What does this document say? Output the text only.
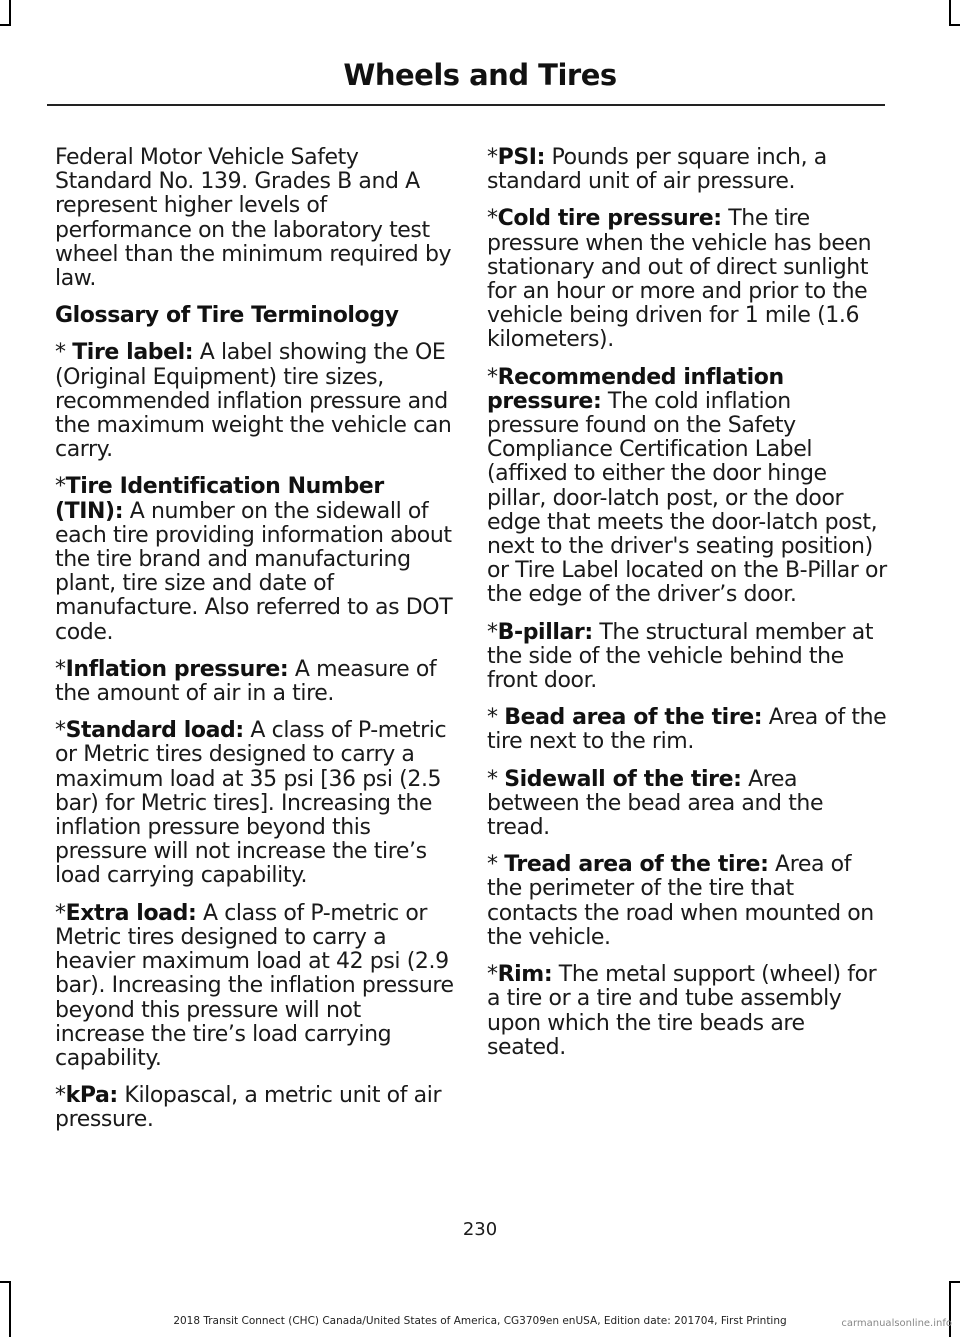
Wheels and Tires

Federal Motor Vehicle Safety Standard No. 139. Grades B and A represent higher levels of performance on the laboratory test wheel than the minimum required by law.

Glossary of Tire Terminology

* Tire label: A label showing the OE (Original Equipment) tire sizes, recommended inflation pressure and the maximum weight the vehicle can carry.

*Tire Identification Number (TIN): A number on the sidewall of each tire providing information about the tire brand and manufacturing plant, tire size and date of manufacture. Also referred to as DOT code.

*Inflation pressure: A measure of the amount of air in a tire.

*Standard load: A class of P-metric or Metric tires designed to carry a maximum load at 35 psi [36 psi (2.5 bar) for Metric tires]. Increasing the inflation pressure beyond this pressure will not increase the tire’s load carrying capability.

*Extra load: A class of P-metric or Metric tires designed to carry a heavier maximum load at 42 psi (2.9 bar). Increasing the inflation pressure beyond this pressure will not increase the tire’s load carrying capability.

*kPa: Kilopascal, a metric unit of air pressure.

*PSI: Pounds per square inch, a standard unit of air pressure.

*Cold tire pressure: The tire pressure when the vehicle has been stationary and out of direct sunlight for an hour or more and prior to the vehicle being driven for 1 mile (1.6 kilometers).

*Recommended inflation pressure: The cold inflation pressure found on the Safety Compliance Certification Label (affixed to either the door hinge pillar, door-latch post, or the door edge that meets the door-latch post, next to the driver's seating position) or Tire Label located on the B-Pillar or the edge of the driver’s door.

*B-pillar: The structural member at the side of the vehicle behind the front door.

* Bead area of the tire: Area of the tire next to the rim.

* Sidewall of the tire: Area between the bead area and the tread.

* Tread area of the tire: Area of the perimeter of the tire that contacts the road when mounted on the vehicle.

*Rim: The metal support (wheel) for a tire or a tire and tube assembly upon which the tire beads are seated.

230
2018 Transit Connect (CHC) Canada/United States of America, CG3709en enUSA, Edition date: 201704, First Printing	carmanualsonline.info
